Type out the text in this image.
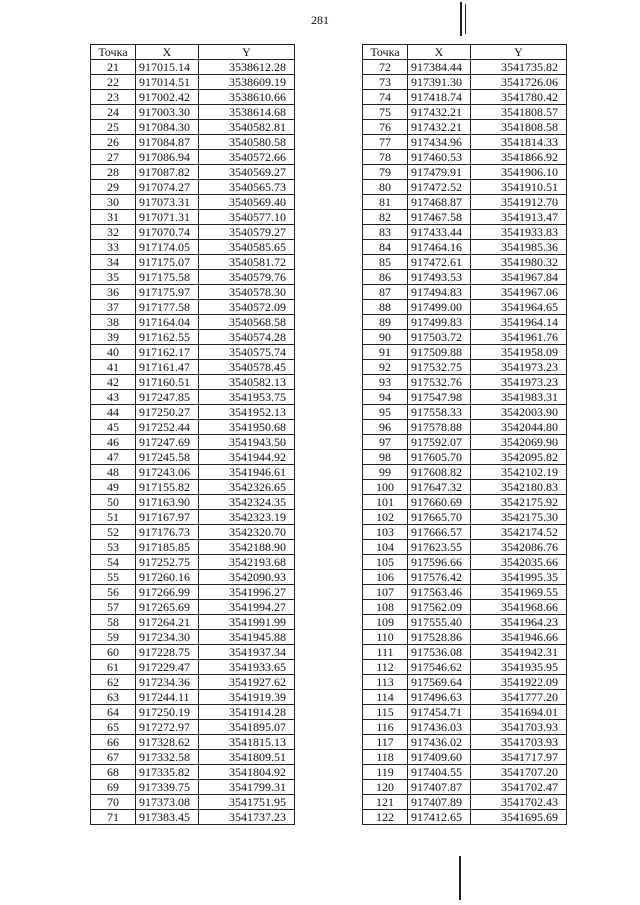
281
Точка	X	Y
21	917015.14	3538612.28
22	917014.51	3538609.19
23	917002.42	3538610.66
24	917003.30	3538614.68
25	917084.30	3540582.81
26	917084.87	3540580.58
27	917086.94	3540572.66
28	917087.82	3540569.27
29	917074.27	3540565.73
30	917073.31	3540569.40
31	917071.31	3540577.10
32	917070.74	3540579.27
33	917174.05	3540585.65
34	917175.07	3540581.72
35	917175.58	3540579.76
36	917175.97	3540578.30
37	917177.58	3540572.09
38	917164.04	3540568.58
39	917162.55	3540574.28
40	917162.17	3540575.74
41	917161.47	3540578.45
42	917160.51	3540582.13
43	917247.85	3541953.75
44	917250.27	3541952.13
45	917252.44	3541950.68
46	917247.69	3541943.50
47	917245.58	3541944.92
48	917243.06	3541946.61
49	917155.82	3542326.65
50	917163.90	3542324.35
51	917167.97	3542323.19
52	917176.73	3542320.70
53	917185.85	3542188.90
54	917252.75	3542193.68
55	917260.16	3542090.93
56	917266.99	3541996.27
57	917265.69	3541994.27
58	917264.21	3541991.99
59	917234.30	3541945.88
60	917228.75	3541937.34
61	917229.47	3541933.65
62	917234.36	3541927.62
63	917244.11	3541919.39
64	917250.19	3541914.28
65	917272.97	3541895.07
66	917328.62	3541815.13
67	917332.58	3541809.51
68	917335.82	3541804.92
69	917339.75	3541799.31
70	917373.08	3541751.95
71	917383.45	3541737.23
Точка	X	Y
72	917384.44	3541735.82
73	917391.30	3541726.06
74	917418.74	3541780.42
75	917432.21	3541808.57
76	917432.21	3541808.58
77	917434.96	3541814.33
78	917460.53	3541866.92
79	917479.91	3541906.10
80	917472.52	3541910.51
81	917468.87	3541912.70
82	917467.58	3541913.47
83	917433.44	3541933.83
84	917464.16	3541985.36
85	917472.61	3541980.32
86	917493.53	3541967.84
87	917494.83	3541967.06
88	917499.00	3541964.65
89	917499.83	3541964.14
90	917503.72	3541961.76
91	917509.88	3541958.09
92	917532.75	3541973.23
93	917532.76	3541973.23
94	917547.98	3541983.31
95	917558.33	3542003.90
96	917578.88	3542044.80
97	917592.07	3542069.90
98	917605.70	3542095.82
99	917608.82	3542102.19
100	917647.32	3542180.83
101	917660.69	3542175.92
102	917665.70	3542175.30
103	917666.57	3542174.52
104	917623.55	3542086.76
105	917596.66	3542035.66
106	917576.42	3541995.35
107	917563.46	3541969.55
108	917562.09	3541968.66
109	917555.40	3541964.23
110	917528.86	3541946.66
111	917536.08	3541942.31
112	917546.62	3541935.95
113	917569.64	3541922.09
114	917496.63	3541777.20
115	917454.71	3541694.01
116	917436.03	3541703.93
117	917436.02	3541703.93
118	917409.60	3541717.97
119	917404.55	3541707.20
120	917407.87	3541702.47
121	917407.89	3541702.43
122	917412.65	3541695.69
